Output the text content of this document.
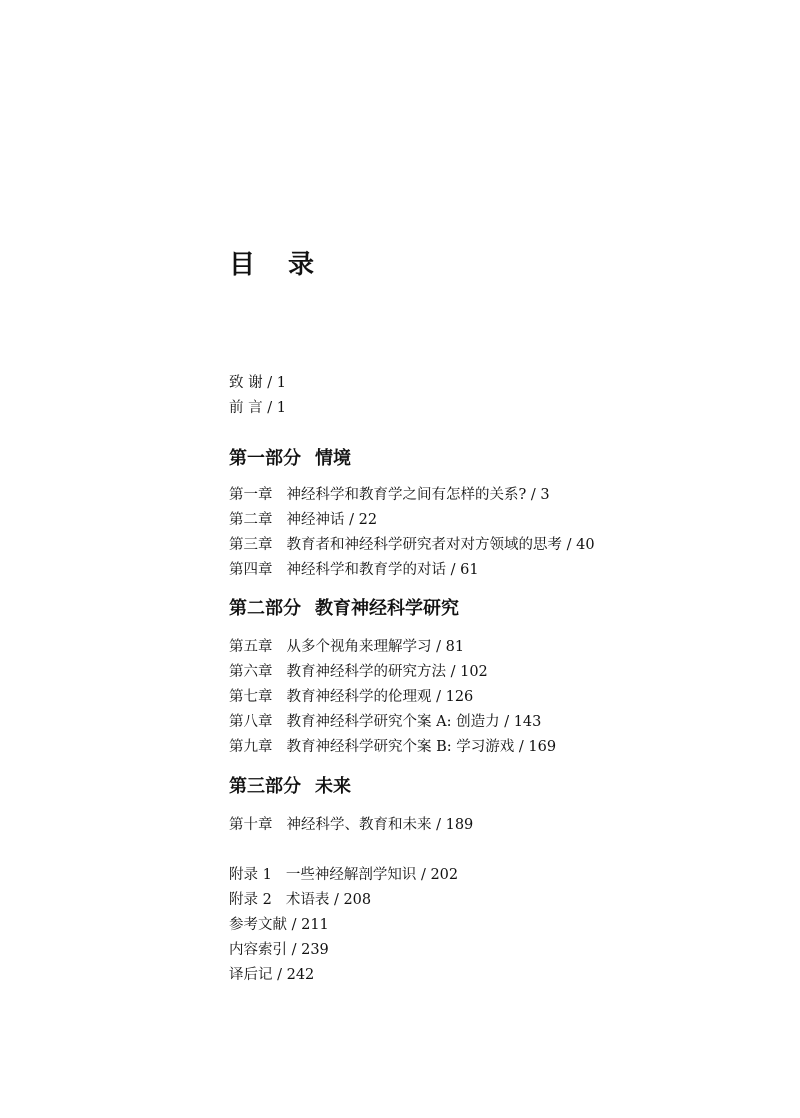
目 录
致 谢 / 1
前 言 / 1
第一部分 情境
第一章 神经科学和教育学之间有怎样的关系? / 3
第二章 神经神话 / 22
第三章 教育者和神经科学研究者对对方领域的思考 / 40
第四章 神经科学和教育学的对话 / 61
第二部分 教育神经科学研究
第五章 从多个视角来理解学习 / 81
第六章 教育神经科学的研究方法 / 102
第七章 教育神经科学的伦理观 / 126
第八章 教育神经科学研究个案 A: 创造力 / 143
第九章 教育神经科学研究个案 B: 学习游戏 / 169
第三部分 未来
第十章 神经科学、教育和未来 / 189
附录 1 一些神经解剖学知识 / 202
附录 2 术语表 / 208
参考文献 / 211
内容索引 / 239
译后记 / 242
